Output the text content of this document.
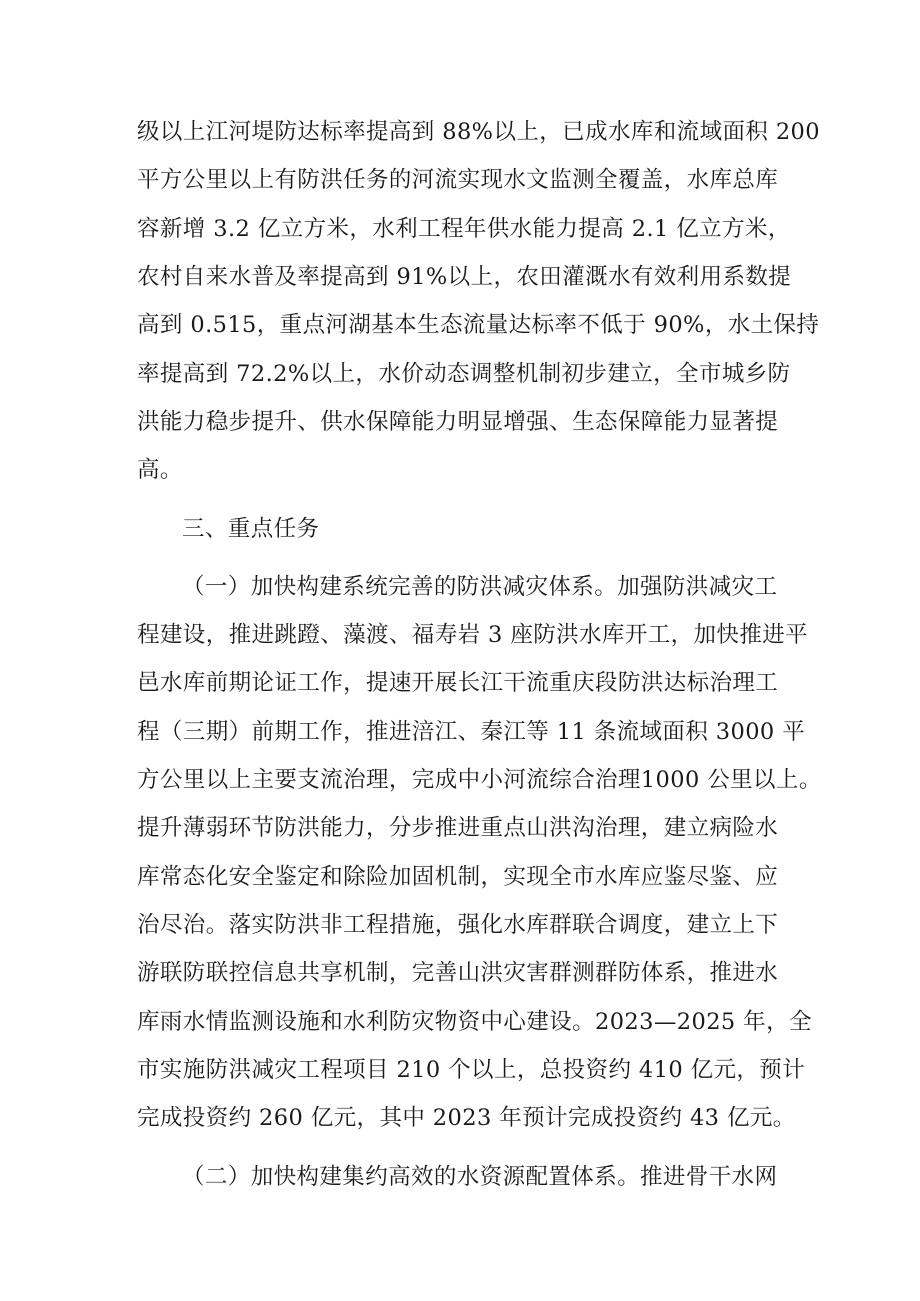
级以上江河堤防达标率提高到 88%以上，已成水库和流域面积 200
平方公里以上有防洪任务的河流实现水文监测全覆盖，水库总库
容新增 3.2 亿立方米，水利工程年供水能力提高 2.1 亿立方米，
农村自来水普及率提高到 91%以上，农田灌溉水有效利用系数提
高到 0.515，重点河湖基本生态流量达标率不低于 90%，水土保持
率提高到 72.2%以上，水价动态调整机制初步建立，全市城乡防
洪能力稳步提升、供水保障能力明显增强、生态保障能力显著提
高。
三、重点任务
（一）加快构建系统完善的防洪减灾体系。加强防洪减灾工
程建设，推进跳蹬、藻渡、福寿岩 3 座防洪水库开工，加快推进平
邑水库前期论证工作，提速开展长江干流重庆段防洪达标治理工
程（三期）前期工作，推进涪江、秦江等 11 条流域面积 3000 平
方公里以上主要支流治理，完成中小河流综合治理1000 公里以上。
提升薄弱环节防洪能力，分步推进重点山洪沟治理，建立病险水
库常态化安全鉴定和除险加固机制，实现全市水库应鉴尽鉴、应
治尽治。落实防洪非工程措施，强化水库群联合调度，建立上下
游联防联控信息共享机制，完善山洪灾害群测群防体系，推进水
库雨水情监测设施和水利防灾物资中心建设。2023—2025 年，全
市实施防洪减灾工程项目 210 个以上，总投资约 410 亿元，预计
完成投资约 260 亿元，其中 2023 年预计完成投资约 43 亿元。
（二）加快构建集约高效的水资源配置体系。推进骨干水网
